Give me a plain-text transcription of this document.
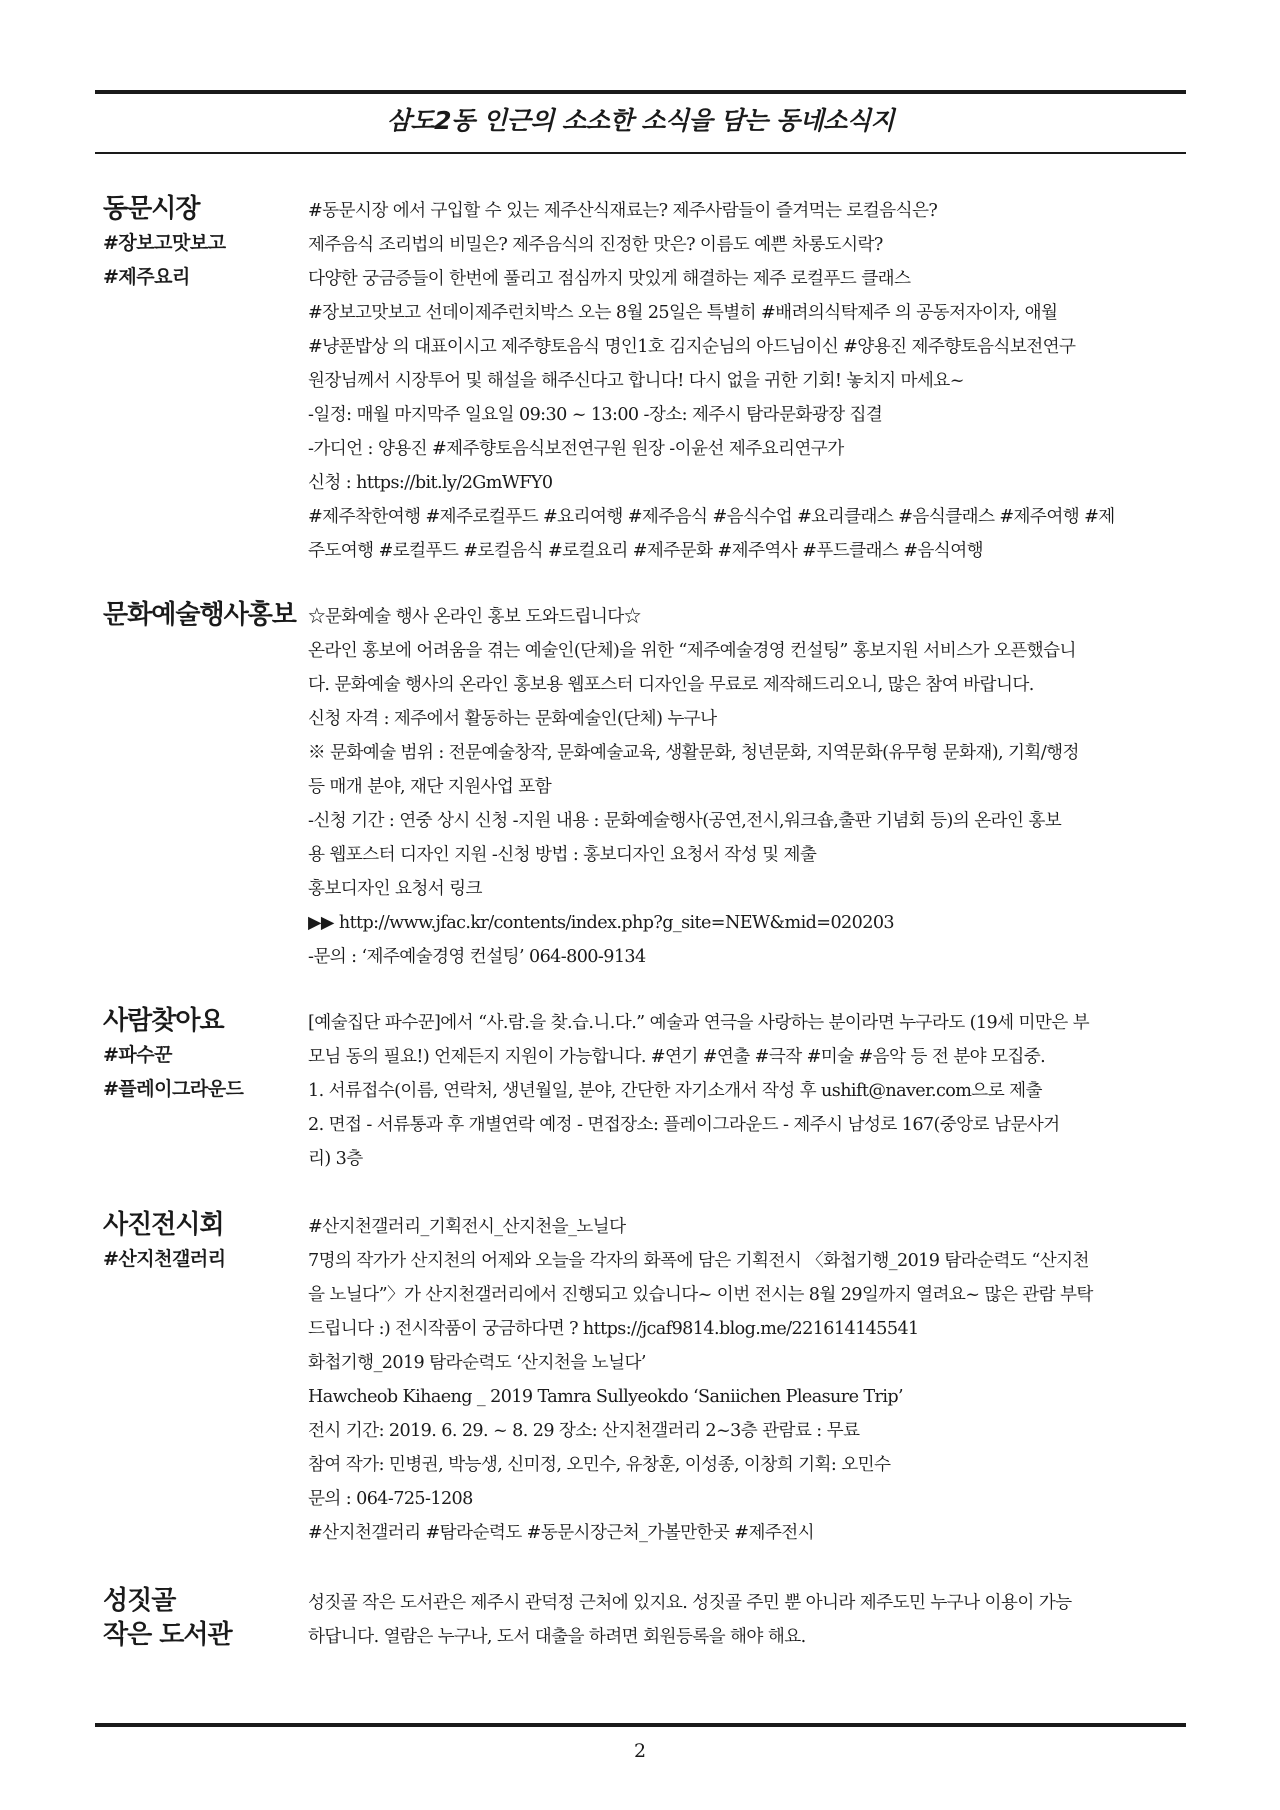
삼도2동 인근의 소소한 소식을 담는 동네소식지
동문시장
#장보고맛보고
#제주요리
#동문시장 에서 구입할 수 있는 제주산식재료는? 제주사람들이 즐겨먹는 로컬음식은?
제주음식 조리법의 비밀은? 제주음식의 진정한 맛은? 이름도 예쁜 차롱도시락?
다양한 궁금증들이 한번에 풀리고 점심까지 맛있게 해결하는 제주 로컬푸드 클래스
#장보고맛보고 선데이제주런치박스 오는 8월 25일은 특별히 #배려의식탁제주 의 공동저자이자, 애월
#냥푼밥상 의 대표이시고 제주향토음식 명인1호 김지순님의 아드님이신 #양용진 제주향토음식보전연구
원장님께서 시장투어 및 해설을 해주신다고 합니다! 다시 없을 귀한 기회! 놓치지 마세요~
-일정: 매월 마지막주 일요일 09:30 ~ 13:00 -장소: 제주시 탐라문화광장 집결
-가디언 : 양용진 #제주향토음식보전연구원 원장 -이윤선 제주요리연구가
신청 : https://bit.ly/2GmWFY0
#제주착한여행 #제주로컬푸드 #요리여행 #제주음식 #음식수업 #요리클래스 #음식클래스 #제주여행 #제
주도여행 #로컬푸드 #로컬음식 #로컬요리 #제주문화 #제주역사 #푸드클래스 #음식여행
문화예술행사홍보 ☆문화예술 행사 온라인 홍보 도와드립니다☆
온라인 홍보에 어려움을 겪는 예술인(단체)을 위한 “제주예술경영 컨설팅” 홍보지원 서비스가 오픈했습니
다. 문화예술 행사의 온라인 홍보용 웹포스터 디자인을 무료로 제작해드리오니, 많은 참여 바랍니다.
신청 자격 : 제주에서 활동하는 문화예술인(단체) 누구나
※ 문화예술 범위 : 전문예술창작, 문화예술교육, 생활문화, 청년문화, 지역문화(유무형 문화재), 기획/행정
등 매개 분야, 재단 지원사업 포함
-신청 기간 : 연중 상시 신청 -지원 내용 : 문화예술행사(공연,전시,워크숍,출판 기념회 등)의 온라인 홍보
용 웹포스터 디자인 지원 -신청 방법 : 홍보디자인 요청서 작성 및 제출
홍보디자인 요청서 링크
▶▶ http://www.jfac.kr/contents/index.php?g_site=NEW&mid=020203
-문의 : ‘제주예술경영 컨설팅’ 064-800-9134
사람찾아요
#파수꾼
#플레이그라운드
[예술집단 파수꾼]에서 “사.람.을 찾.습.니.다.” 예술과 연극을 사랑하는 분이라면 누구라도 (19세 미만은 부
모님 동의 필요!) 언제든지 지원이 가능합니다. #연기 #연출 #극작 #미술 #음악 등 전 분야 모집중.
1. 서류접수(이름, 연락처, 생년월일, 분야, 간단한 자기소개서 작성 후 ushift@naver.com으로 제출
2. 면접 - 서류통과 후 개별연락 예정 - 면접장소: 플레이그라운드 - 제주시 남성로 167(중앙로 남문사거
리) 3층
사진전시회
#산지천갤러리
#산지천갤러리_기획전시_산지천을_노닐다
7명의 작가가 산지천의 어제와 오늘을 각자의 화폭에 담은 기획전시 〈화첩기행_2019 탐라순력도 “산지천
을 노닐다”〉가 산지천갤러리에서 진행되고 있습니다~ 이번 전시는 8월 29일까지 열려요~ 많은 관람 부탁
드립니다 :) 전시작품이 궁금하다면 ? https://jcaf9814.blog.me/221614145541
화첩기행_2019 탐라순력도 ‘산지천을 노닐다’
Hawcheob Kihaeng _ 2019 Tamra Sullyeokdo ‘Saniichen Pleasure Trip’
전시 기간: 2019. 6. 29. ~ 8. 29 장소: 산지천갤러리 2~3층 관람료 : 무료
참여 작가: 민병권, 박능생, 신미정, 오민수, 유창훈, 이성종, 이창희 기획: 오민수
문의 : 064-725-1208
#산지천갤러리 #탐라순력도 #동문시장근처_가볼만한곳 #제주전시
성짓골
작은 도서관
성짓골 작은 도서관은 제주시 관덕정 근처에 있지요. 성짓골 주민 뿐 아니라 제주도민 누구나 이용이 가능
하답니다. 열람은 누구나, 도서 대출을 하려면 회원등록을 해야 해요.
2
